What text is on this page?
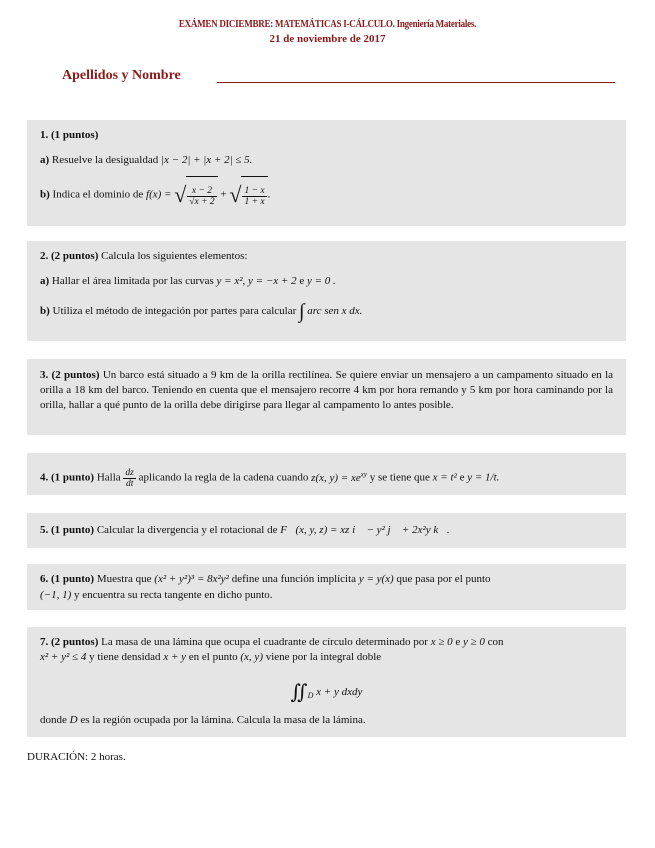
EXÁMEN DICIEMBRE: MATEMÁTICAS I-CÁLCULO. Ingeniería Materiales.
21 de noviembre de 2017
Apellidos y Nombre
1. (1 puntos)
a) Resuelve la desigualdad |x − 2| + |x + 2| ≤ 5.
b) Indica el dominio de f(x) = √ $\frac{x - 2}{√x + 2}$ + √ $\frac{1 - x}{1 + x}$ .
2. (2 puntos) Calcula los siguientes elementos:
a) Hallar el área limitada por las curvas y = x², y = −x + 2 e y = 0 .
b) Utiliza el método de integación por partes para calcular ∫ arc sen x dx.
3. (2 puntos) Un barco está situado a 9 km de la orilla rectilínea. Se quiere enviar un mensajero a un campamento situado en la orilla a 18 km del barco. Teniendo en cuenta que el mensajero recorre 4 km por hora remando y 5 km por hora caminando por la orilla, hallar a qué punto de la orilla debe dirigirse para llegar al campamento lo antes posible.
4. (1 punto) Halla $\frac{dz}{dt}$ aplicando la regla de la cadena cuando z(x, $y) = xe^{xy}$ y se tiene que x = t² e y = 1/t.
5. (1 punto) Calcular la divergencia y el rotacional de F⃗(x, y, z) = xz i⃗ − y² j⃗ + 2x²y k⃗.
6. (1 punto) Muestra que (x² + y²)³ = 8x²y² define una función implícita y = y(x) que pasa por el punto
(−1, 1) y encuentra su recta tangente en dicho punto.
7. (2 puntos) La masa de una lámina que ocupa el cuadrante de círculo determinado por x ≥ 0 e y ≥ 0 con
x² + y² ≤ 4 y tiene densidad x + y en el punto (x, y) viene por la integral doble
$∬_D$ x + y dxdy
donde D es la región ocupada por la lámina. Calcula la masa de la lámina.
DURACIÓN: 2 horas.
